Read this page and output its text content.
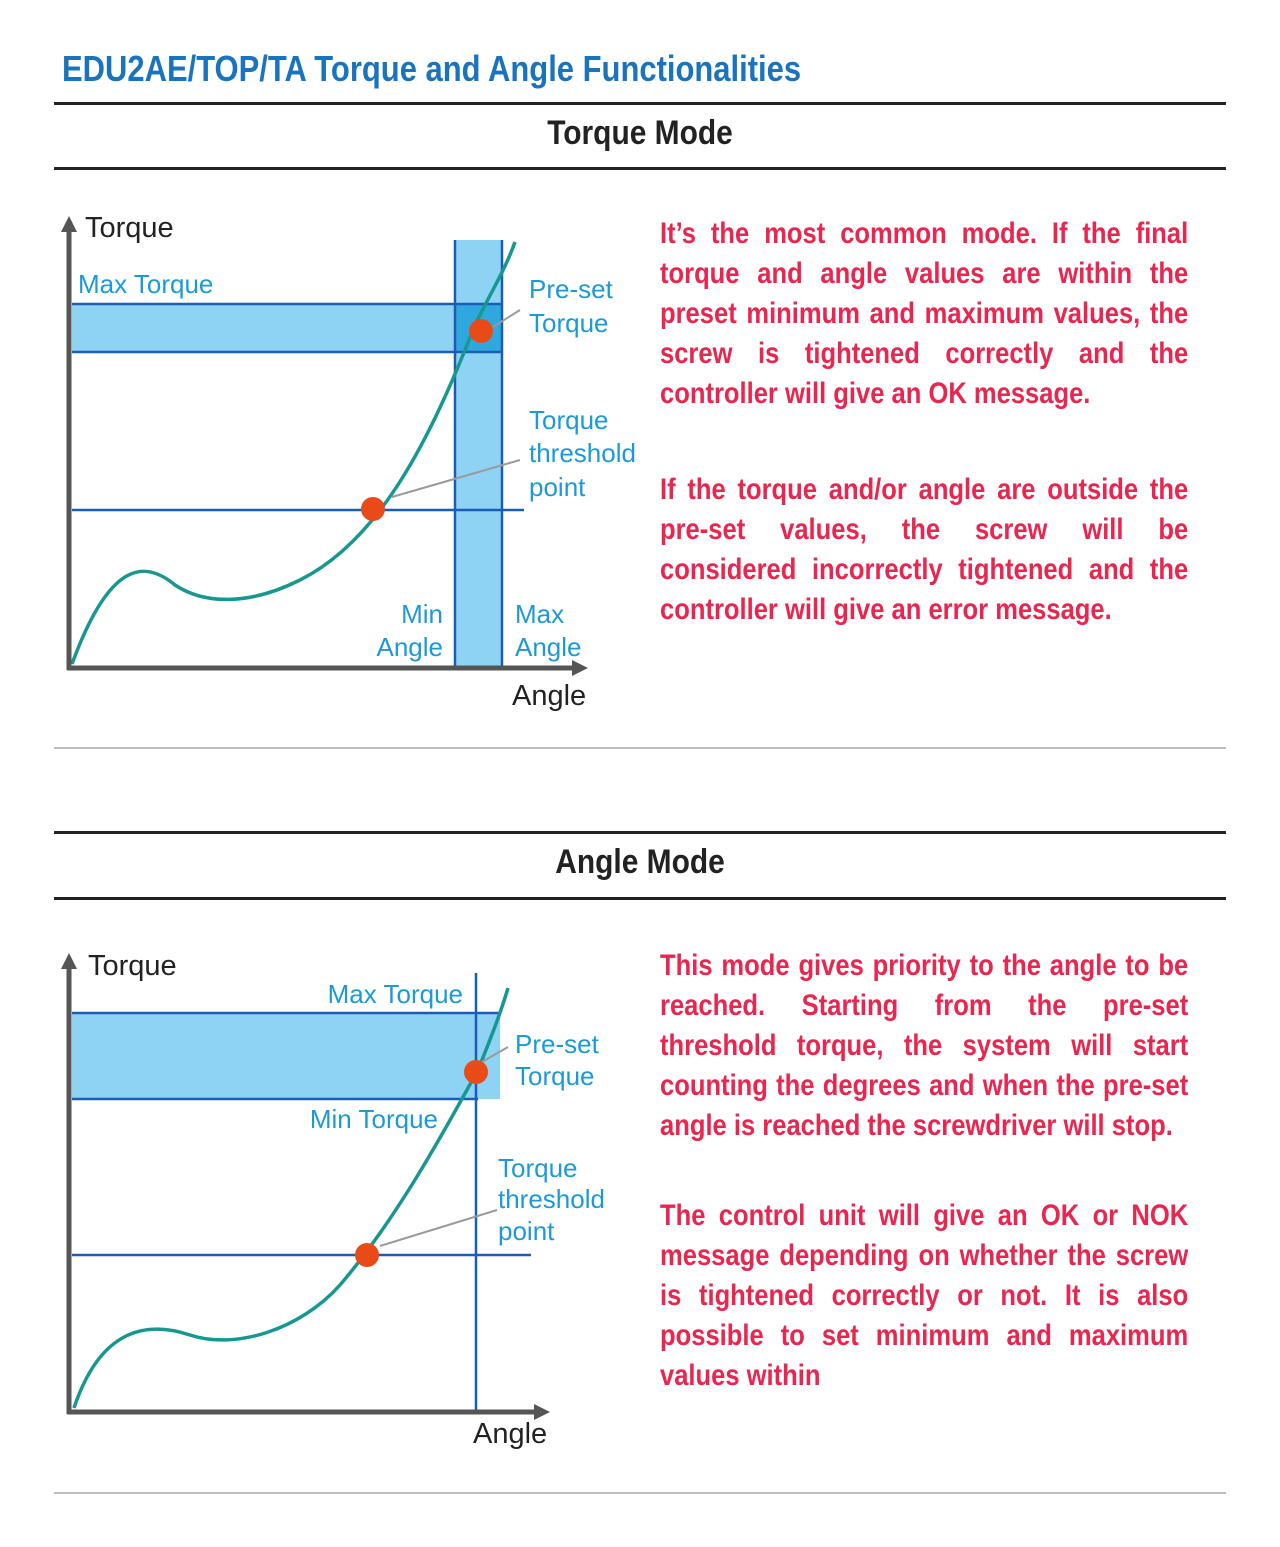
EDU2AE/TOP/TA Torque and Angle Functionalities
Torque Mode
Torque
Angle
Max Torque	Pre-set
Torque
Torque
threshold
point
Min
Angle
Max
Angle

It’s the most common mode. If the final torque and angle values are within the preset minimum and maximum values, the screw is tightened correctly and the controller will give an OK message.

If the torque and/or angle are outside the pre-set values, the screw will be considered incorrectly tightened and the controller will give an error message.

Angle Mode
Torque
Angle
Max Torque
Min Torque
Pre-set
Torque
Torque
threshold
point

This mode gives priority to the angle to be reached. Starting from the pre-set threshold torque, the system will start counting the degrees and when the pre-set angle is reached the screwdriver will stop.

The control unit will give an OK or NOK message depending on whether the screw is tightened correctly or not. It is also possible to set minimum and maximum values within
